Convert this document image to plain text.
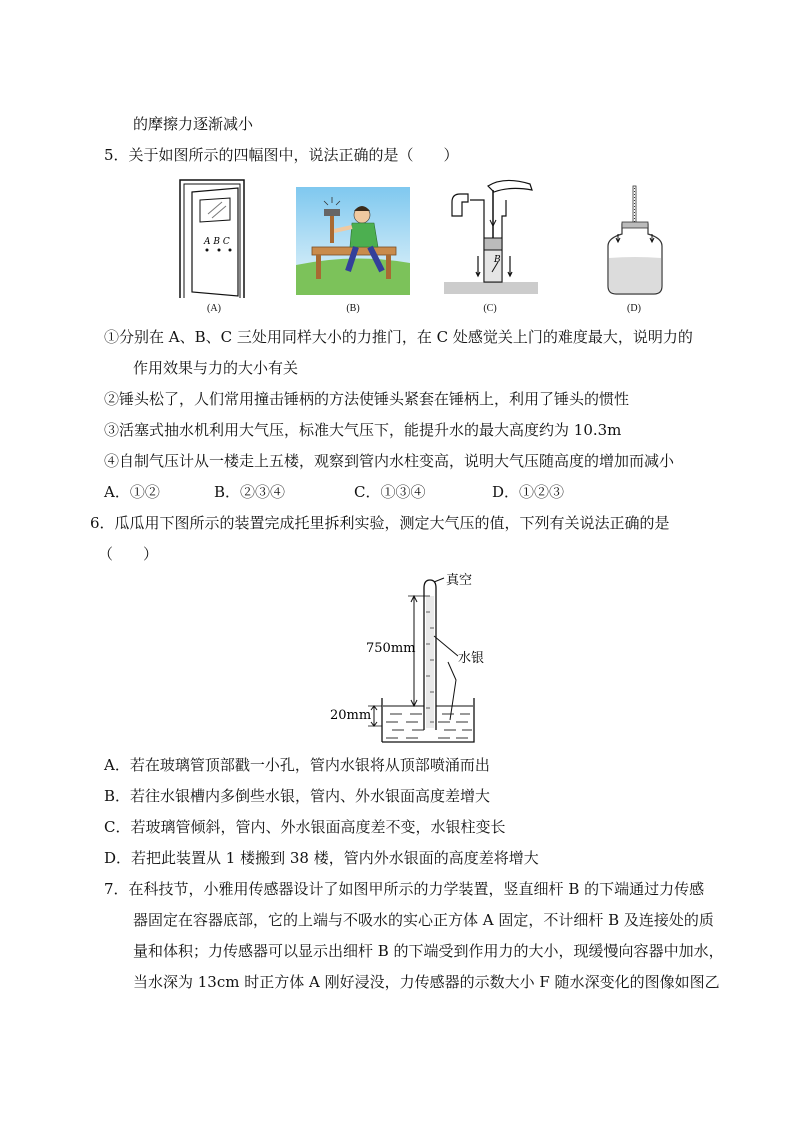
的摩擦力逐渐减小
5．关于如图所示的四幅图中，说法正确的是（　　）
A B C
(A)	(B)
B
(C)	(D)
①分别在 A、B、C 三处用同样大小的力推门，在 C 处感觉关上门的难度最大，说明力的
作用效果与力的大小有关
②锤头松了，人们常用撞击锤柄的方法使锤头紧套在锤柄上，利用了锤头的惯性
③活塞式抽水机利用大气压，标准大气压下，能提升水的最大高度约为 10.3m
④自制气压计从一楼走上五楼，观察到管内水柱变高，说明大气压随高度的增加而减小
A．①②	B．②③④	C．①③④	D．①②③
6．瓜瓜用下图所示的装置完成托里拆利实验，测定大气压的值，下列有关说法正确的是
（　　）
真空
水银
750mm
20mm
A．若在玻璃管顶部戳一小孔，管内水银将从顶部喷涌而出
B．若往水银槽内多倒些水银，管内、外水银面高度差增大
C．若玻璃管倾斜，管内、外水银面高度差不变，水银柱变长
D．若把此装置从 1 楼搬到 38 楼，管内外水银面的高度差将增大
7．在科技节，小雅用传感器设计了如图甲所示的力学装置，竖直细杆 B 的下端通过力传感
器固定在容器底部，它的上端与不吸水的实心正方体 A 固定，不计细杆 B 及连接处的质
量和体积；力传感器可以显示出细杆 B 的下端受到作用力的大小，现缓慢向容器中加水，
当水深为 13cm 时正方体 A 刚好浸没，力传感器的示数大小 F 随水深变化的图像如图乙
